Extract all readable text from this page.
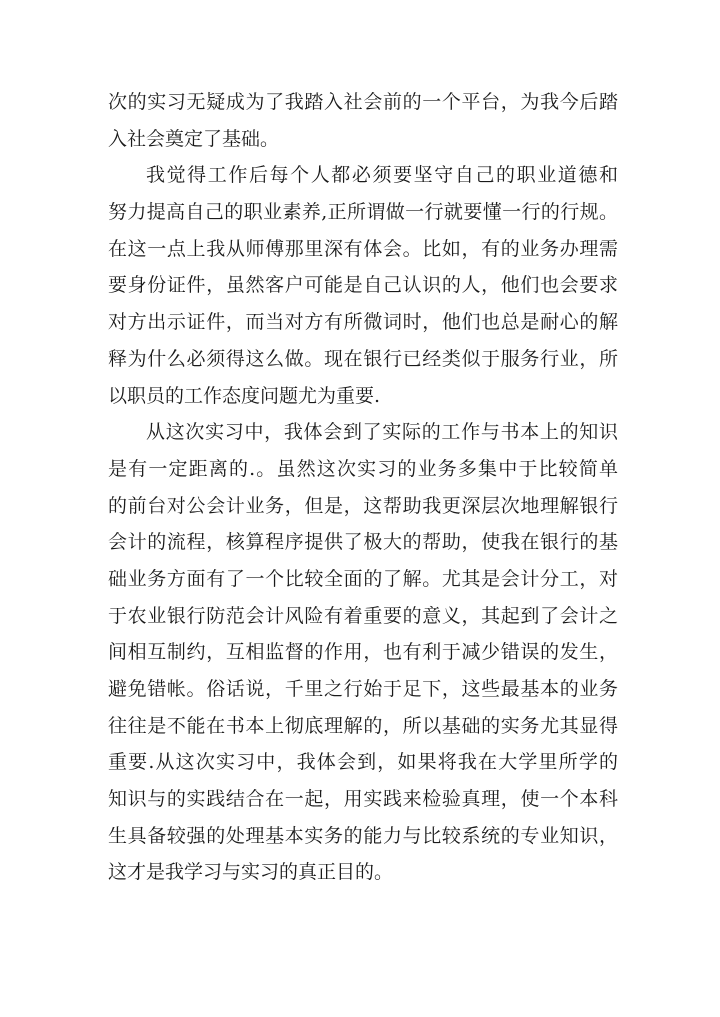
次的实习无疑成为了我踏入社会前的一个平台，为我今后踏
入社会奠定了基础。
我觉得工作后每个人都必须要坚守自己的职业道德和
努力提高自己的职业素养,正所谓做一行就要懂一行的行规。
在这一点上我从师傅那里深有体会。比如，有的业务办理需
要身份证件，虽然客户可能是自己认识的人，他们也会要求
对方出示证件，而当对方有所微词时，他们也总是耐心的解
释为什么必须得这么做。现在银行已经类似于服务行业，所
以职员的工作态度问题尤为重要.
从这次实习中，我体会到了实际的工作与书本上的知识
是有一定距离的.。虽然这次实习的业务多集中于比较简单
的前台对公会计业务，但是，这帮助我更深层次地理解银行
会计的流程，核算程序提供了极大的帮助，使我在银行的基
础业务方面有了一个比较全面的了解。尤其是会计分工，对
于农业银行防范会计风险有着重要的意义，其起到了会计之
间相互制约，互相监督的作用，也有利于减少错误的发生，
避免错帐。俗话说，千里之行始于足下，这些最基本的业务
往往是不能在书本上彻底理解的，所以基础的实务尤其显得
重要.从这次实习中，我体会到，如果将我在大学里所学的
知识与的实践结合在一起，用实践来检验真理，使一个本科
生具备较强的处理基本实务的能力与比较系统的专业知识，
这才是我学习与实习的真正目的。
